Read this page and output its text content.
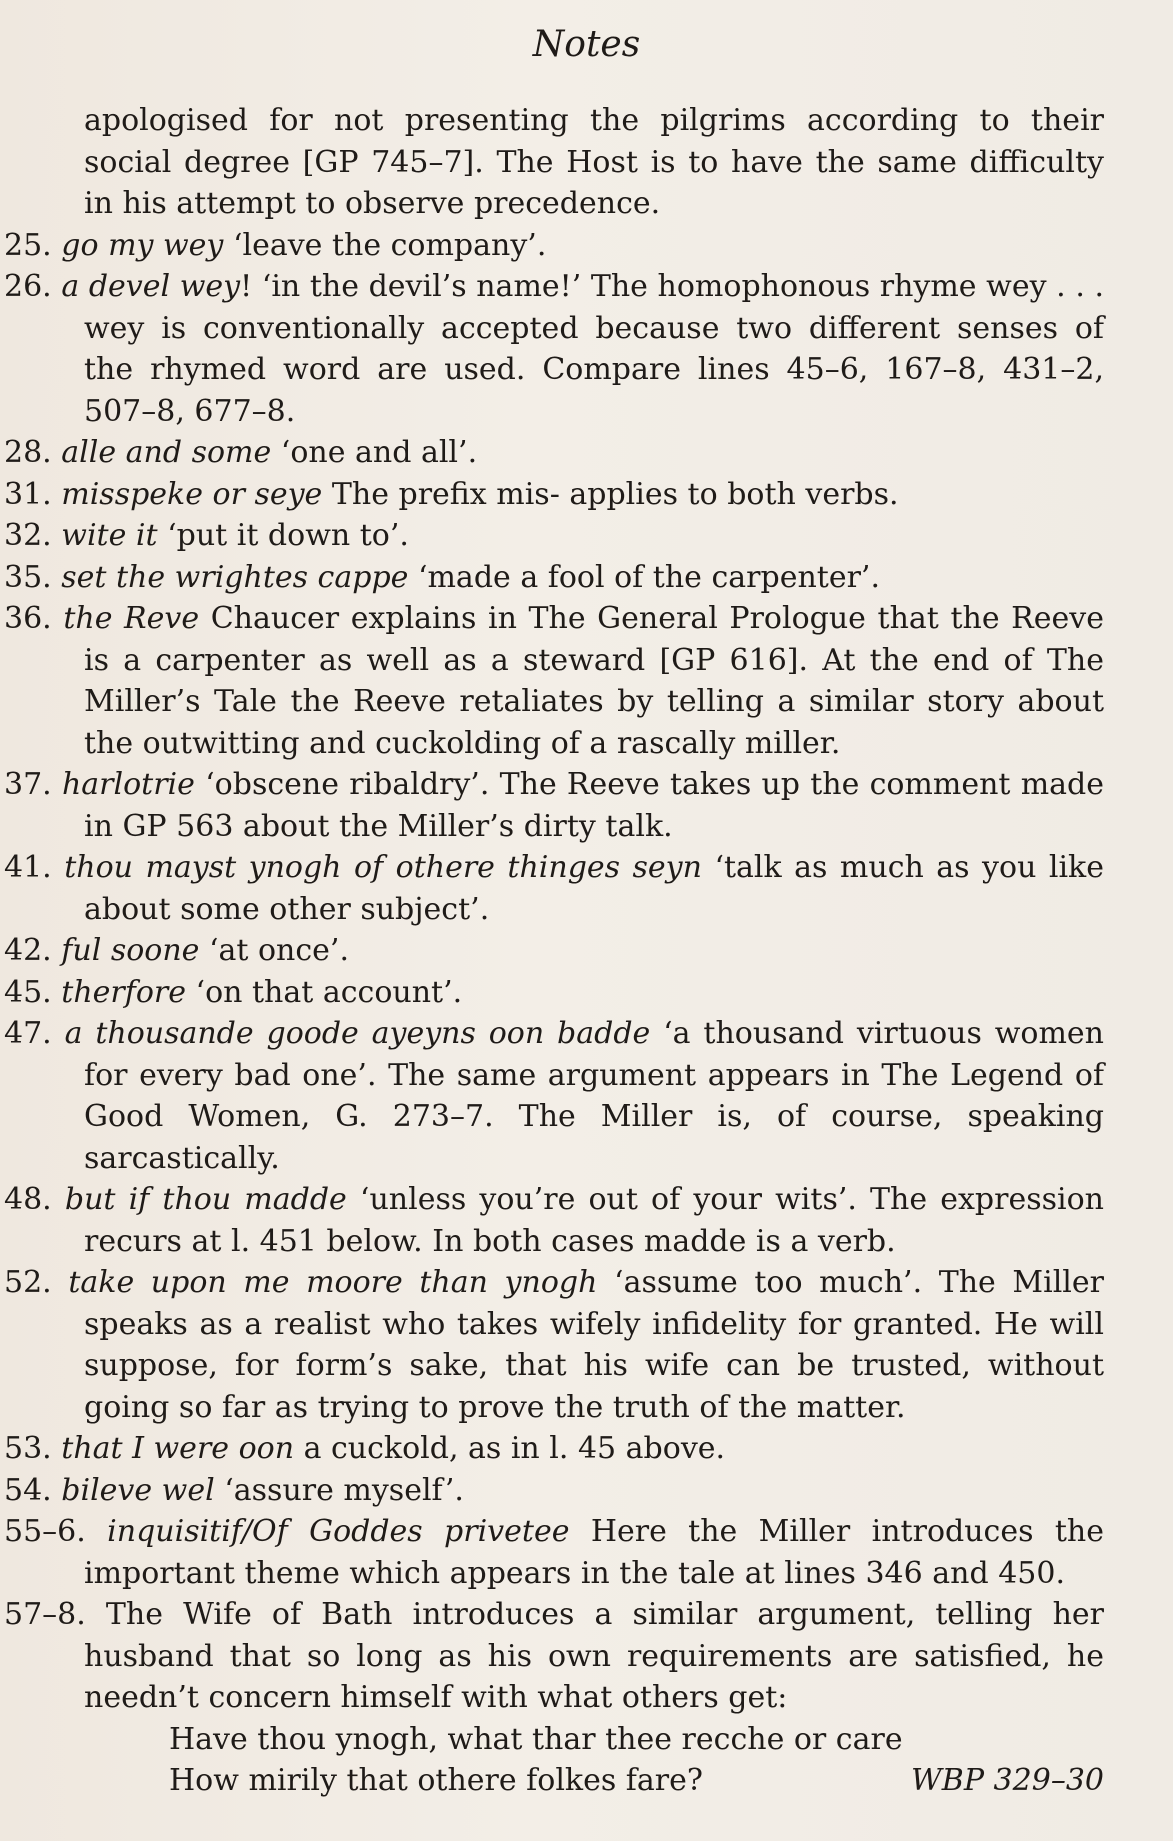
Notes
apologised for not presenting the pilgrims according to their social degree [GP 745–7]. The Host is to have the same difficulty in his attempt to observe precedence.
25. go my wey ‘leave the company’.
26. a devel wey! ‘in the devil’s name!’ The homophonous rhyme wey . . . wey is conventionally accepted because two different senses of the rhymed word are used. Compare lines 45–6, 167–8, 431–2, 507–8, 677–8.
28. alle and some ‘one and all’.
31. misspeke or seye The prefix mis- applies to both verbs.
32. wite it ‘put it down to’.
35. set the wrightes cappe ‘made a fool of the carpenter’.
36. the Reve Chaucer explains in The General Prologue that the Reeve is a carpenter as well as a steward [GP 616]. At the end of The Miller’s Tale the Reeve retaliates by telling a similar story about the outwitting and cuckolding of a rascally miller.
37. harlotrie ‘obscene ribaldry’. The Reeve takes up the comment made in GP 563 about the Miller’s dirty talk.
41. thou mayst ynogh of othere thinges seyn ‘talk as much as you like about some other subject’.
42. ful soone ‘at once’.
45. therfore ‘on that account’.
47. a thousande goode ayeyns oon badde ‘a thousand virtuous women for every bad one’. The same argument appears in The Legend of Good Women, G. 273–7. The Miller is, of course, speaking sarcastically.
48. but if thou madde ‘unless you’re out of your wits’. The expression recurs at l. 451 below. In both cases madde is a verb.
52. take upon me moore than ynogh ‘assume too much’. The Miller speaks as a realist who takes wifely infidelity for granted. He will suppose, for form’s sake, that his wife can be trusted, without going so far as trying to prove the truth of the matter.
53. that I were oon a cuckold, as in l. 45 above.
54. bileve wel ‘assure myself’.
55–6. inquisitif/Of Goddes privetee Here the Miller introduces the important theme which appears in the tale at lines 346 and 450.
57–8. The Wife of Bath introduces a similar argument, telling her husband that so long as his own requirements are satisfied, he needn’t concern himself with what others get:
Have thou ynogh, what thar thee recche or care
How mirily that othere folkes fare?	WBP 329–30
